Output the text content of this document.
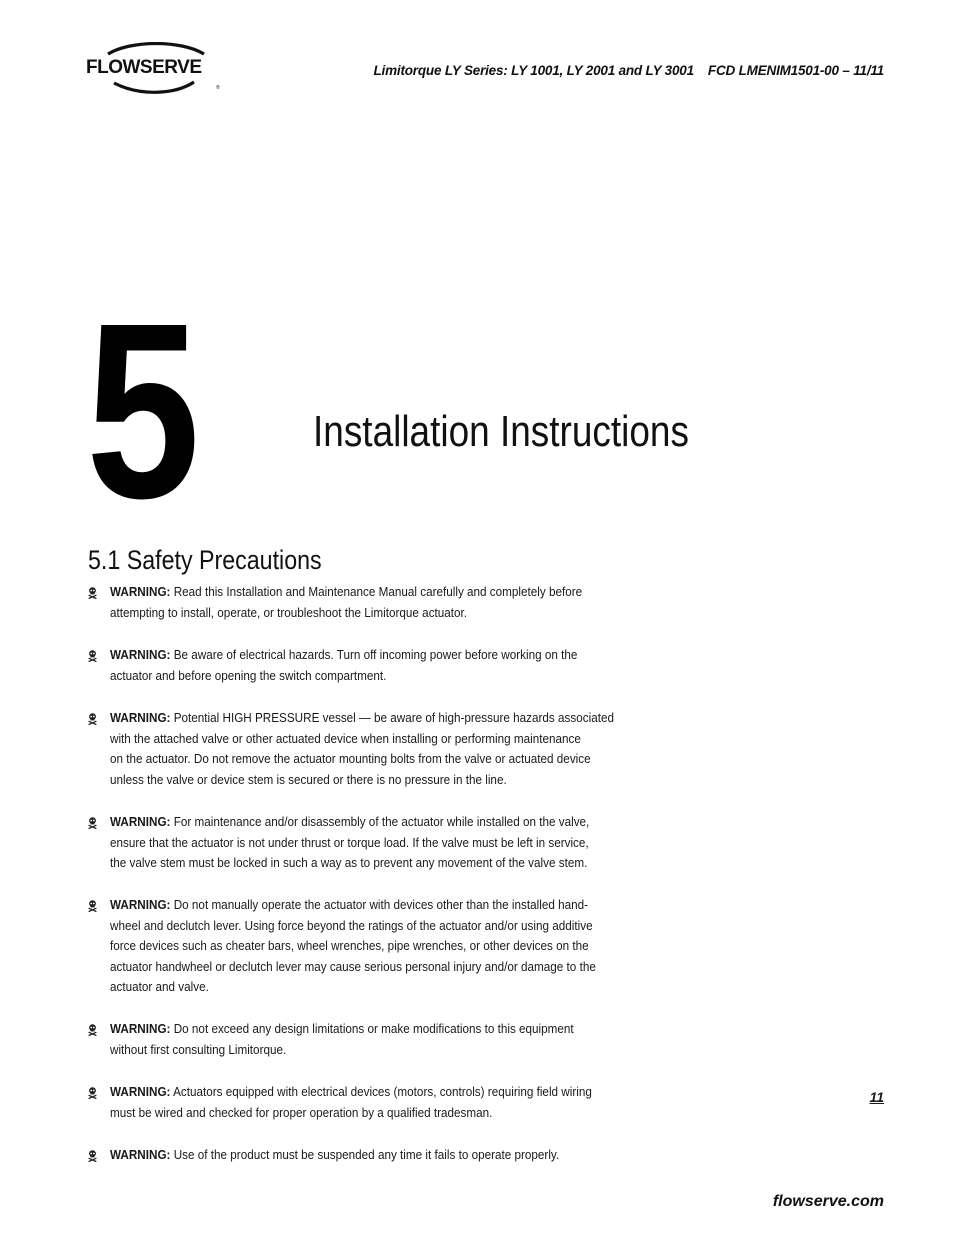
®
FLOWSERVE	Limitorque LY Series: LY 1001, LY 2001 and LY 3001 FCD LMENIM1501-00 – 11/11
5	Installation Instructions
5.1 Safety Precautions
WARNING: Read this Installation and Maintenance Manual carefully and completely before
attempting to install, operate, or troubleshoot the Limitorque actuator.
WARNING: Be aware of electrical hazards. Turn off incoming power before working on the
actuator and before opening the switch compartment.
WARNING: Potential HIGH PRESSURE vessel — be aware of high-pressure hazards associated
with the attached valve or other actuated device when installing or performing maintenance
on the actuator. Do not remove the actuator mounting bolts from the valve or actuated device
unless the valve or device stem is secured or there is no pressure in the line.
WARNING: For maintenance and/or disassembly of the actuator while installed on the valve,
ensure that the actuator is not under thrust or torque load. If the valve must be left in service,
the valve stem must be locked in such a way as to prevent any movement of the valve stem.
WARNING: Do not manually operate the actuator with devices other than the installed hand-
wheel and declutch lever. Using force beyond the ratings of the actuator and/or using additive
force devices such as cheater bars, wheel wrenches, pipe wrenches, or other devices on the
actuator handwheel or declutch lever may cause serious personal injury and/or damage to the
actuator and valve.
WARNING: Do not exceed any design limitations or make modifications to this equipment
without first consulting Limitorque.
WARNING: Actuators equipped with electrical devices (motors, controls) requiring field wiring
must be wired and checked for proper operation by a qualified tradesman.
WARNING: Use of the product must be suspended any time it fails to operate properly.
11
flowserve.com
